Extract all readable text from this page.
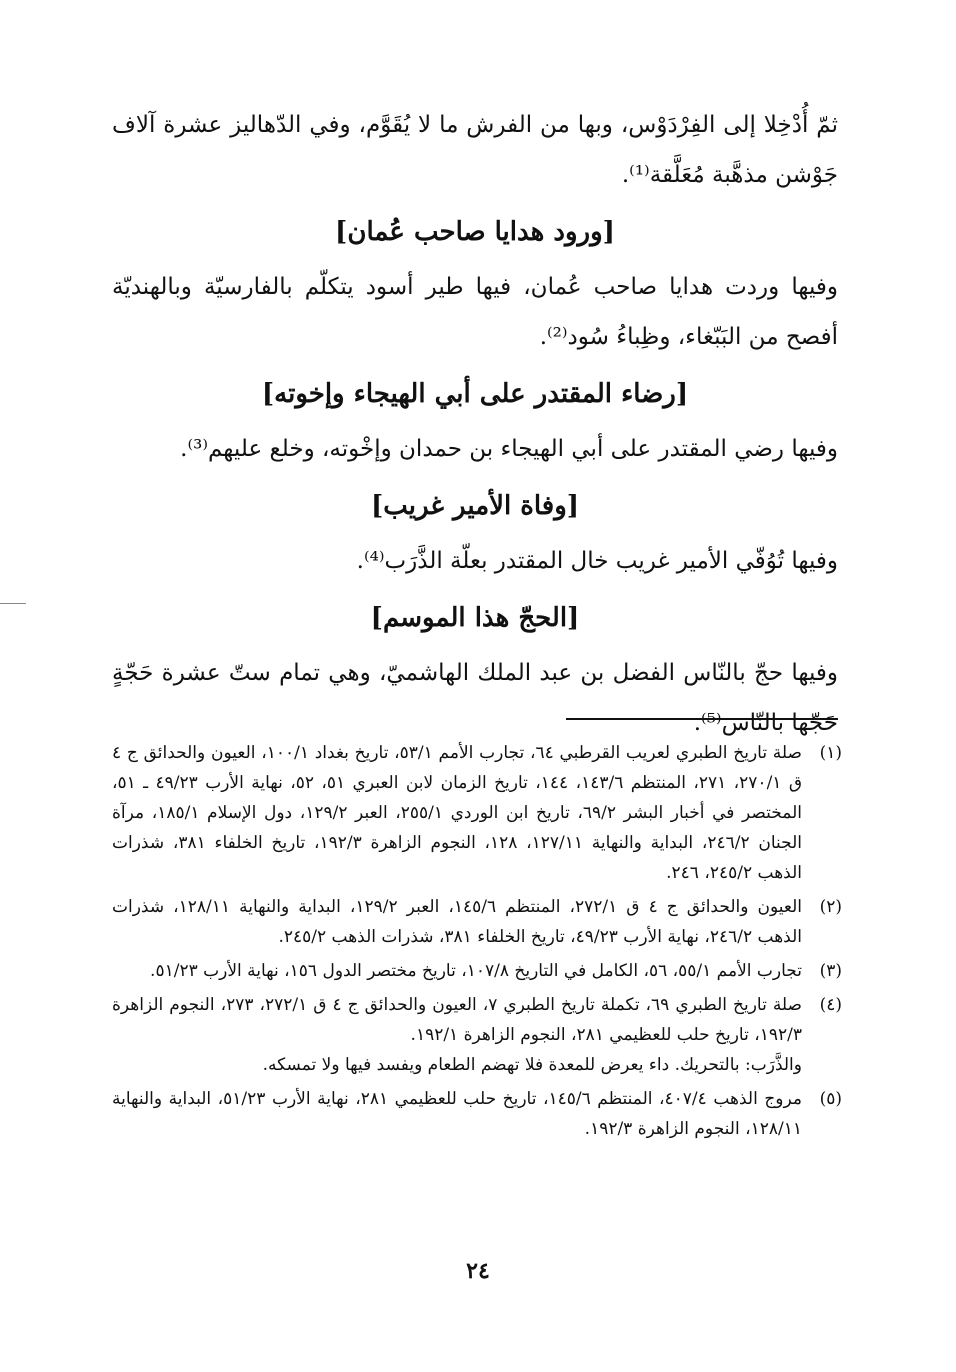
ثمّ أُدْخِلا إلى الفِرْدَوْس، وبها من الفرش ما لا يُقَوَّم، وفي الدّهاليز عشرة آلاف جَوْشن مذهَّبة مُعَلَّقة⁽¹⁾.

[ورود هدايا صاحب عُمان]

وفيها وردت هدايا صاحب عُمان، فيها طير أسود يتكلّم بالفارسيّة وبالهنديّة أفصح من البَبّغاء، وظِباءُ سُود⁽²⁾.

[رضاء المقتدر على أبي الهيجاء وإخوته]

وفيها رضي المقتدر على أبي الهيجاء بن حمدان وإخْوته، وخلع عليهم⁽³⁾.

[وفاة الأمير غريب]

وفيها تُوُفّي الأمير غريب خال المقتدر بعلّة الذَّرَب⁽⁴⁾.

[الحجّ هذا الموسم]

وفيها حجّ بالنّاس الفضل بن عبد الملك الهاشميّ، وهي تمام ستّ عشرة حَجّةٍ حَجّها بالنّاس⁽⁵⁾.

(١)
صلة تاريخ الطبري لعريب القرطبي ٦٤، تجارب الأمم ٥٣/١، تاريخ بغداد ١٠٠/١، العيون والحدائق ج ٤ ق ٢٧٠/١، ٢٧١، المنتظم ١٤٣/٦، ١٤٤، تاريخ الزمان لابن العبري ٥١، ٥٢، نهاية الأرب ٤٩/٢٣ ـ ٥١، المختصر في أخبار البشر ٦٩/٢، تاريخ ابن الوردي ٢٥٥/١، العبر ١٢٩/٢، دول الإسلام ١٨٥/١، مرآة الجنان ٢٤٦/٢، البداية والنهاية ١٢٧/١١، ١٢٨، النجوم الزاهرة ١٩٢/٣، تاريخ الخلفاء ٣٨١، شذرات الذهب ٢٤٥/٢، ٢٤٦.
(٢)
العيون والحدائق ج ٤ ق ٢٧٢/١، المنتظم ١٤٥/٦، العبر ١٢٩/٢، البداية والنهاية ١٢٨/١١، شذرات الذهب ٢٤٦/٢، نهاية الأرب ٤٩/٢٣، تاريخ الخلفاء ٣٨١، شذرات الذهب ٢٤٥/٢.
(٣)
تجارب الأمم ٥٥/١، ٥٦، الكامل في التاريخ ١٠٧/٨، تاريخ مختصر الدول ١٥٦، نهاية الأرب ٥١/٢٣.
(٤)
صلة تاريخ الطبري ٦٩، تكملة تاريخ الطبري ٧، العيون والحدائق ج ٤ ق ٢٧٢/١، ٢٧٣، النجوم الزاهرة ١٩٢/٣، تاريخ حلب للعظيمي ٢٨١، النجوم الزاهرة ١٩٢/١.
والذَّرَب: بالتحريك. داء يعرض للمعدة فلا تهضم الطعام ويفسد فيها ولا تمسكه.
(٥)
مروج الذهب ٤٠٧/٤، المنتظم ١٤٥/٦، تاريخ حلب للعظيمي ٢٨١، نهاية الأرب ٥١/٢٣، البداية والنهاية ١٢٨/١١، النجوم الزاهرة ١٩٢/٣.
٢٤
